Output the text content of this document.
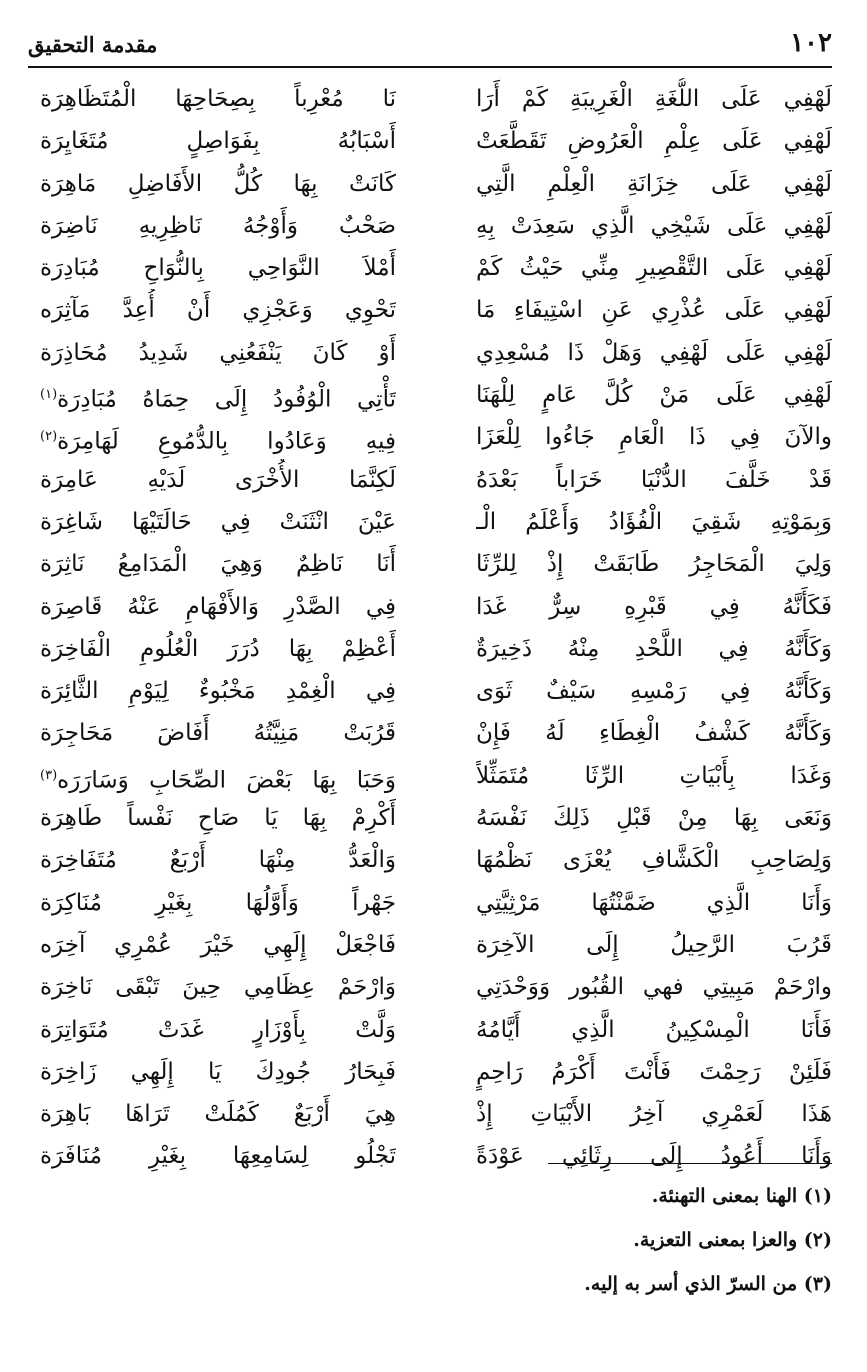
١٠٢
مقدمة التحقيق
لَهْفِي عَلَى اللُّغَةِ الْغَرِيبَةِ كَمْ أَرَا
لَهْفِي عَلَى عِلْمِ الْعَرُوضِ تَقَطَّعَتْ
لَهْفِي عَلَى خِزَانَةِ الْعِلْمِ الَّتِي
لَهْفِي عَلَى شَيْخِي الَّذِي سَعِدَتْ بِهِ
لَهْفِي عَلَى التَّقْصِيرِ مِنِّي حَيْثُ كَمْ
لَهْفِي عَلَى عُذْرِي عَنِ اسْتِيفَاءِ مَا
لَهْفِي عَلَى لَهْفِي وَهَلْ ذَا مُسْعِدِي
لَهْفِي عَلَى مَنْ كُلَّ عَامٍ لِلْهَنَا
والآنَ فِي ذَا الْعَامِ جَاءُوا لِلْعَزَا
قَدْ خَلَّفَ الدُّنْيَا خَرَاباً بَعْدَهُ
وَبِمَوْتِهِ شَقِيَ الْفُؤَادُ وَأَعْلَمُ الْـ
وَلِيَ الْمَحَاجِرُ طَابَقَتْ إِذْ لِلرِّثَا
فَكَأَنَّهُ فِي قَبْرِهِ سِرٌّ غَدَا
وَكَأَنَّهُ فِي اللَّحْدِ مِنْهُ ذَخِيرَةٌ
وَكَأَنَّهُ فِي رَمْسِهِ سَيْفٌ ثَوَى
وَكَأَنَّهُ كَشْفُ الْغِطَاءِ لَهُ فَإِنْ
وَغَدَا بِأَبْيَاتِ الرِّثَا مُتَمَثِّلاً
وَنَعَى بِهَا مِنْ قَبْلِ ذَلِكَ نَفْسَهُ
وَلِصَاحِبِ الْكَشَّافِ يُعْزَى نَظْمُهَا
وَأَنَا الَّذِي ضَمَّنْتُهَا مَرْثِيَّتِي
قَرُبَ الرَّحِيلُ إِلَى الآخِرَة
وارْحَمْ مَبِيتِي فهي القُبُور وَوَحْدَتِي
فَأَنَا الْمِسْكِينُ الَّذِي أَيَّامُهُ
فَلَئِنْ رَحِمْتَ فَأَنْتَ أَكْرَمُ رَاحِمٍ
هَذَا لَعَمْرِي آخِرُ الأَبْيَاتِ إِذْ
وَأَنَا أَعُودُ إِلَى رِثَائِي عَوْدَةً
نَا مُعْرِباً بِصِحَاحِهَا الْمُتَظَاهِرَة
أَسْبَابُهُ بِفَوَاصِلٍ مُتَغَايِرَة
كَانَتْ بِهَا كُلُّ الأَفَاضِلِ مَاهِرَة
صَحْبٌ وَأَوْجُهُ نَاظِرِيهِ نَاضِرَة
أَمْلاَ النَّوَاحِي بِالنُّوَاحِ مُبَادِرَة
تَحْوِي وَعَجْزِي أَنْ أُعِدَّ مَآثِرَه
أَوْ كَانَ يَنْفَعُنِي شَدِيدُ مُحَاذِرَة
تَأْتِي الْوُفُودُ إِلَى حِمَاهُ مُبَادِرَة$^{(١)}$
فِيهِ وَعَادُوا بِالدُّمُوعِ لَهَامِرَة$^{(٢)}$
لَكِنَّمَا الأُخْرَى لَدَيْهِ عَامِرَة
عَيْنَ انْثَنَتْ فِي حَالَتَيْهَا شَاغِرَة
أَنَا نَاظِمٌ وَهِيَ الْمَدَامِعُ نَاثِرَة
فِي الصَّدْرِ وَالأَفْهَامِ عَنْهُ قَاصِرَة
أَعْظِمْ بِهَا دُرَرَ الْعُلُومِ الْفَاخِرَة
فِي الْغِمْدِ مَخْبُوءٌ لِيَوْمِ الثَّائِرَة
قَرُبَتْ مَنِيَّتُهُ أَفَاضَ مَحَاجِرَة
وَحَبَا بِهَا بَعْضَ الصِّحَابِ وَسَارَرَه$^{(٣)}$
أَكْرِمْ بِهَا يَا صَاحِ نَفْساً طَاهِرَة
وَالْعَدُّ مِنْهَا أَرْبَعٌ مُتَفَاخِرَة
جَهْراً وَأَوَّلُهَا بِغَيْرِ مُنَاكِرَة
فَاجْعَلْ إِلَهِي خَيْرَ عُمْرِي آخِرَه
وَارْحَمْ عِظَامِي حِينَ تَبْقَى نَاخِرَة
وَلَّتْ بِأَوْزَارٍ غَدَتْ مُتَوَاتِرَة
فَبِحَارُ جُودِكَ يَا إِلَهِي زَاخِرَة
هِيَ أَرْبَعٌ كَمُلَتْ تَرَاهَا بَاهِرَة
تَجْلُو لِسَامِعِهَا بِغَيْرِ مُنَافَرَة
(١) الهنا بمعنى التهنئة.
(٢) والعزا بمعنى التعزية.
(٣) من السرّ الذي أسر به إليه.
